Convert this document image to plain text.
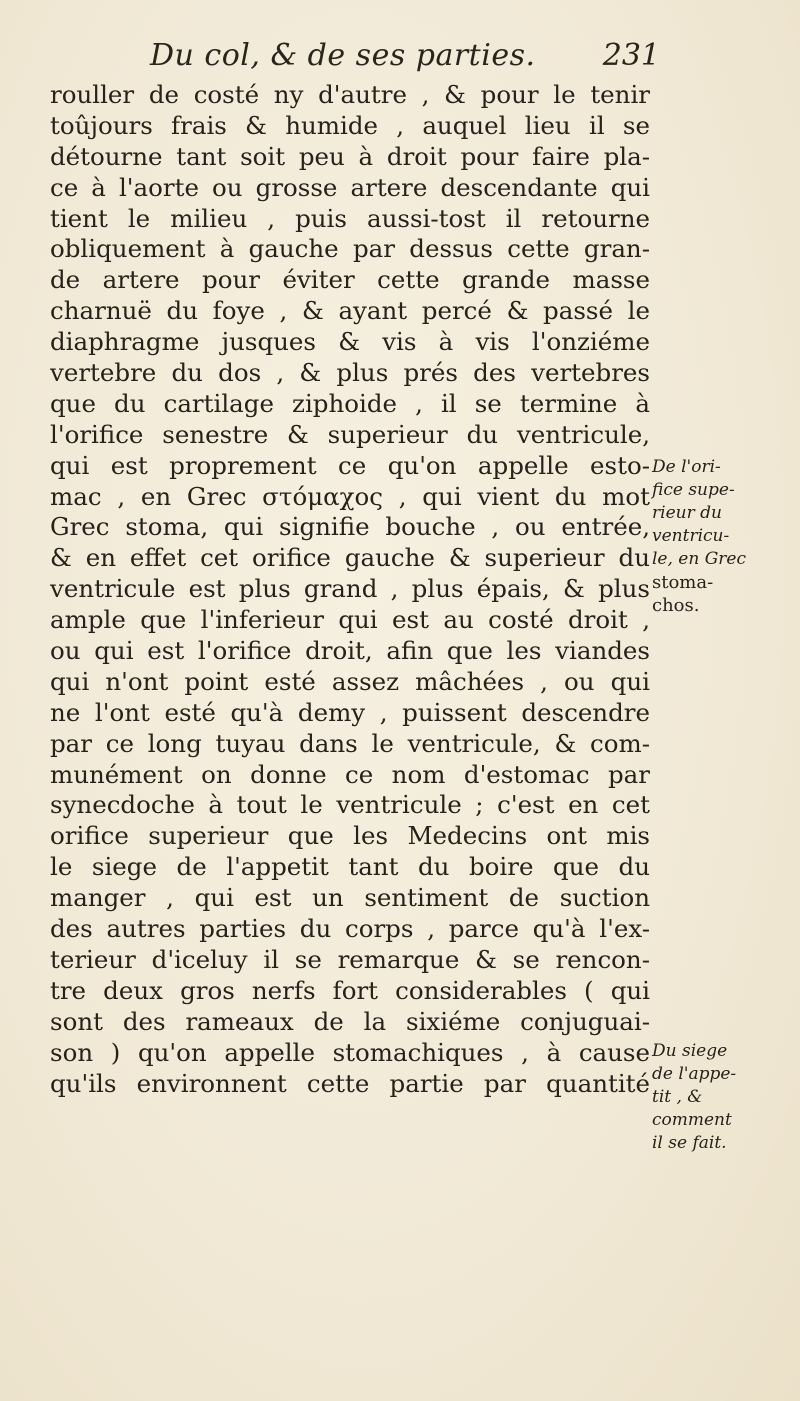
Du col, & de ses parties. 231
rouller de costé ny d'autre , & pour le tenir
toûjours frais & humide , auquel lieu il se
détourne tant soit peu à droit pour faire pla-
ce à l'aorte ou grosse artere descendante qui
tient le milieu , puis aussi-tost il retourne
obliquement à gauche par dessus cette gran-
de artere pour éviter cette grande masse
charnuë du foye , & ayant percé & passé le
diaphragme jusques & vis à vis l'onziéme
vertebre du dos , & plus prés des vertebres
que du cartilage ziphoide , il se termine à
l'orifice senestre & superieur du ventricule,
qui est proprement ce qu'on appelle esto-
mac , en Grec στόμαχος , qui vient du mot
Grec stoma, qui signifie bouche , ou entrée,
& en effet cet orifice gauche & superieur du
ventricule est plus grand , plus épais, & plus
ample que l'inferieur qui est au costé droit ,
ou qui est l'orifice droit, afin que les viandes
qui n'ont point esté assez mâchées , ou qui
ne l'ont esté qu'à demy , puissent descendre
par ce long tuyau dans le ventricule, & com-
munément on donne ce nom d'estomac par
synecdoche à tout le ventricule ; c'est en cet
orifice superieur que les Medecins ont mis
le siege de l'appetit tant du boire que du
manger , qui est un sentiment de suction
des autres parties du corps , parce qu'à l'ex-
terieur d'iceluy il se remarque & se rencon-
tre deux gros nerfs fort considerables ( qui
sont des rameaux de la sixiéme conjuguai-
son ) qu'on appelle stomachiques , à cause
qu'ils environnent cette partie par quantité
De l'ori-
fice supe-
rieur du
ventricu-
le, en Grec
stoma-
chos.
Du siege
de l'appe-
tit , &
comment
il se fait.
